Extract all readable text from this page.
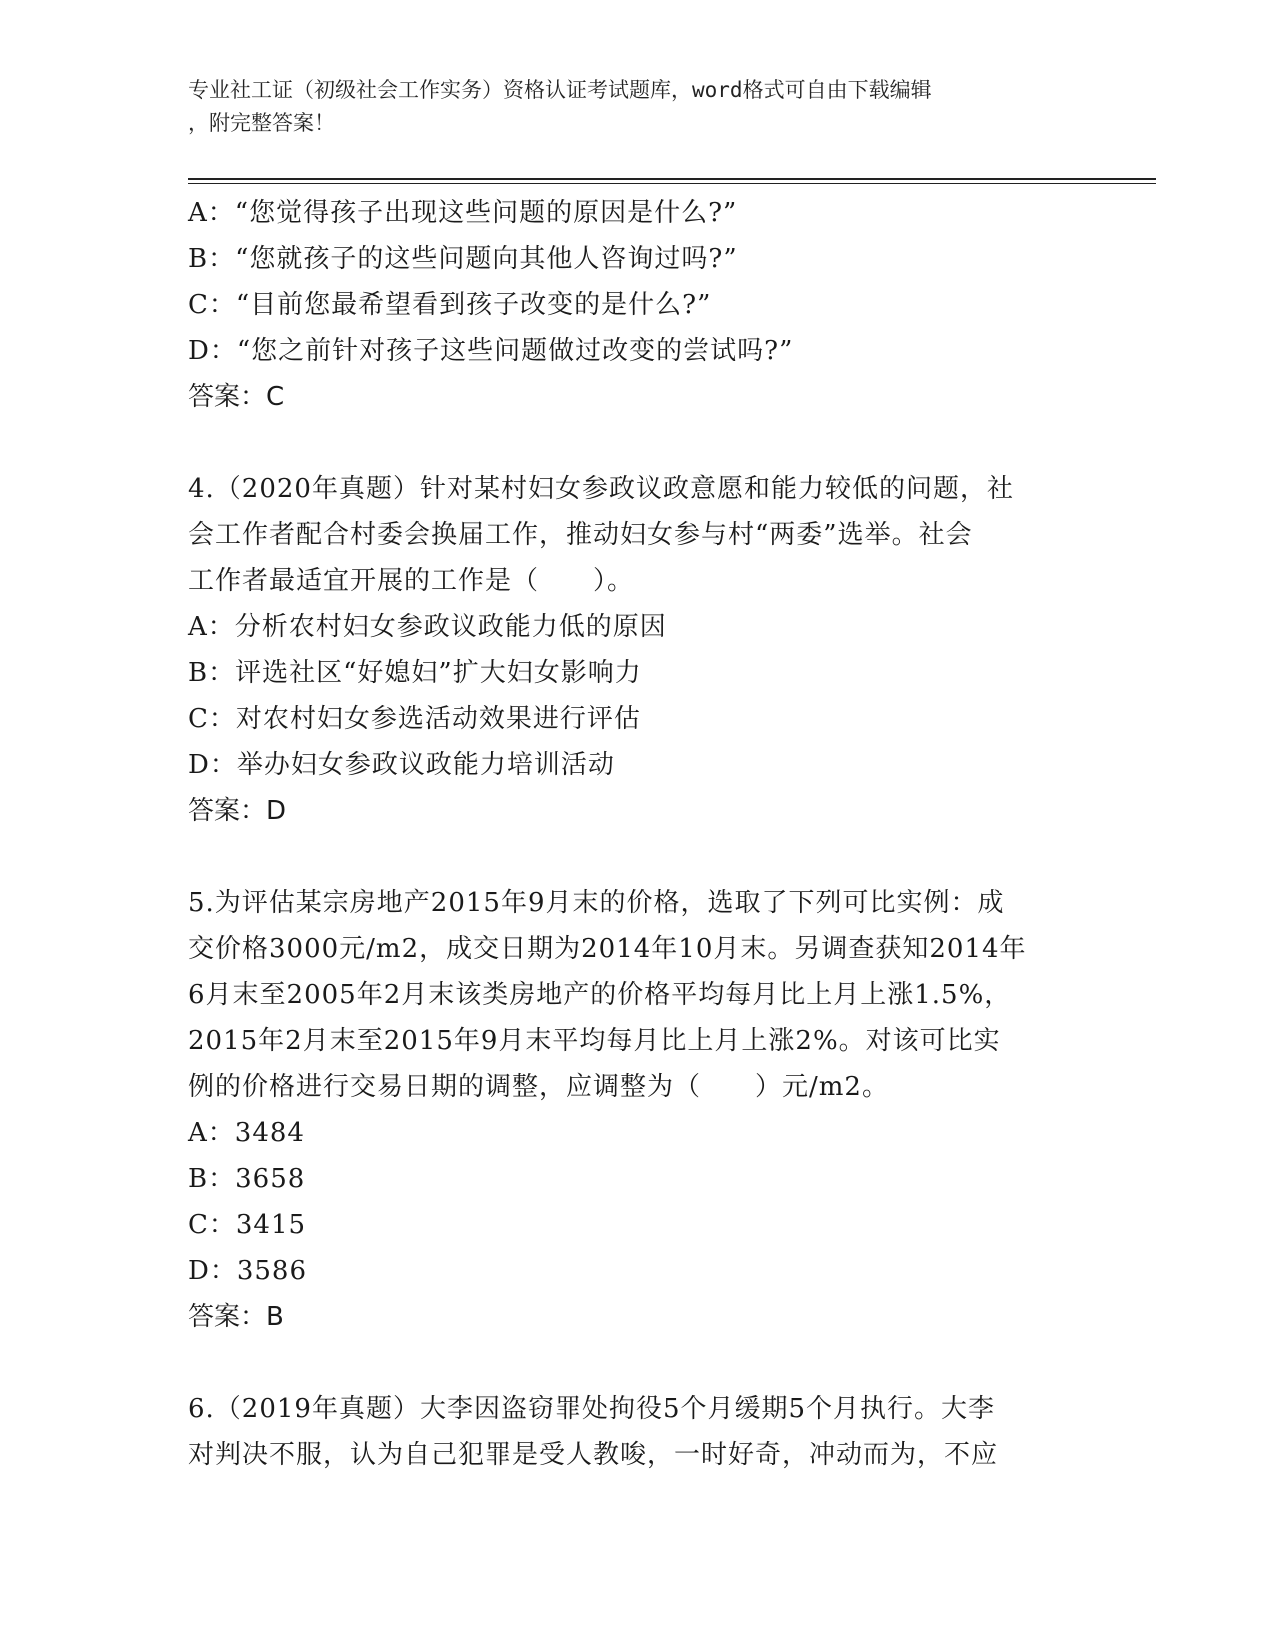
专业社工证（初级社会工作实务）资格认证考试题库，word格式可自由下载编辑
，附完整答案！
A：“您觉得孩子出现这些问题的原因是什么?”
B：“您就孩子的这些问题向其他人咨询过吗?”
C：“目前您最希望看到孩子改变的是什么?”
D：“您之前针对孩子这些问题做过改变的尝试吗?”
答案：C
4.（2020年真题）针对某村妇女参政议政意愿和能力较低的问题，社
会工作者配合村委会换届工作，推动妇女参与村“两委”选举。社会
工作者最适宜开展的工作是（　　）。
A：分析农村妇女参政议政能力低的原因
B：评选社区“好媳妇”扩大妇女影响力
C：对农村妇女参选活动效果进行评估
D：举办妇女参政议政能力培训活动
答案：D
5.为评估某宗房地产2015年9月末的价格，选取了下列可比实例：成
交价格3000元/m2，成交日期为2014年10月末。另调查获知2014年
6月末至2005年2月末该类房地产的价格平均每月比上月上涨1.5%，
2015年2月末至2015年9月末平均每月比上月上涨2%。对该可比实
例的价格进行交易日期的调整，应调整为（　　）元/m2。
A：3484
B：3658
C：3415
D：3586
答案：B
6.（2019年真题）大李因盗窃罪处拘役5个月缓期5个月执行。大李
对判决不服，认为自己犯罪是受人教唆，一时好奇，冲动而为，不应
